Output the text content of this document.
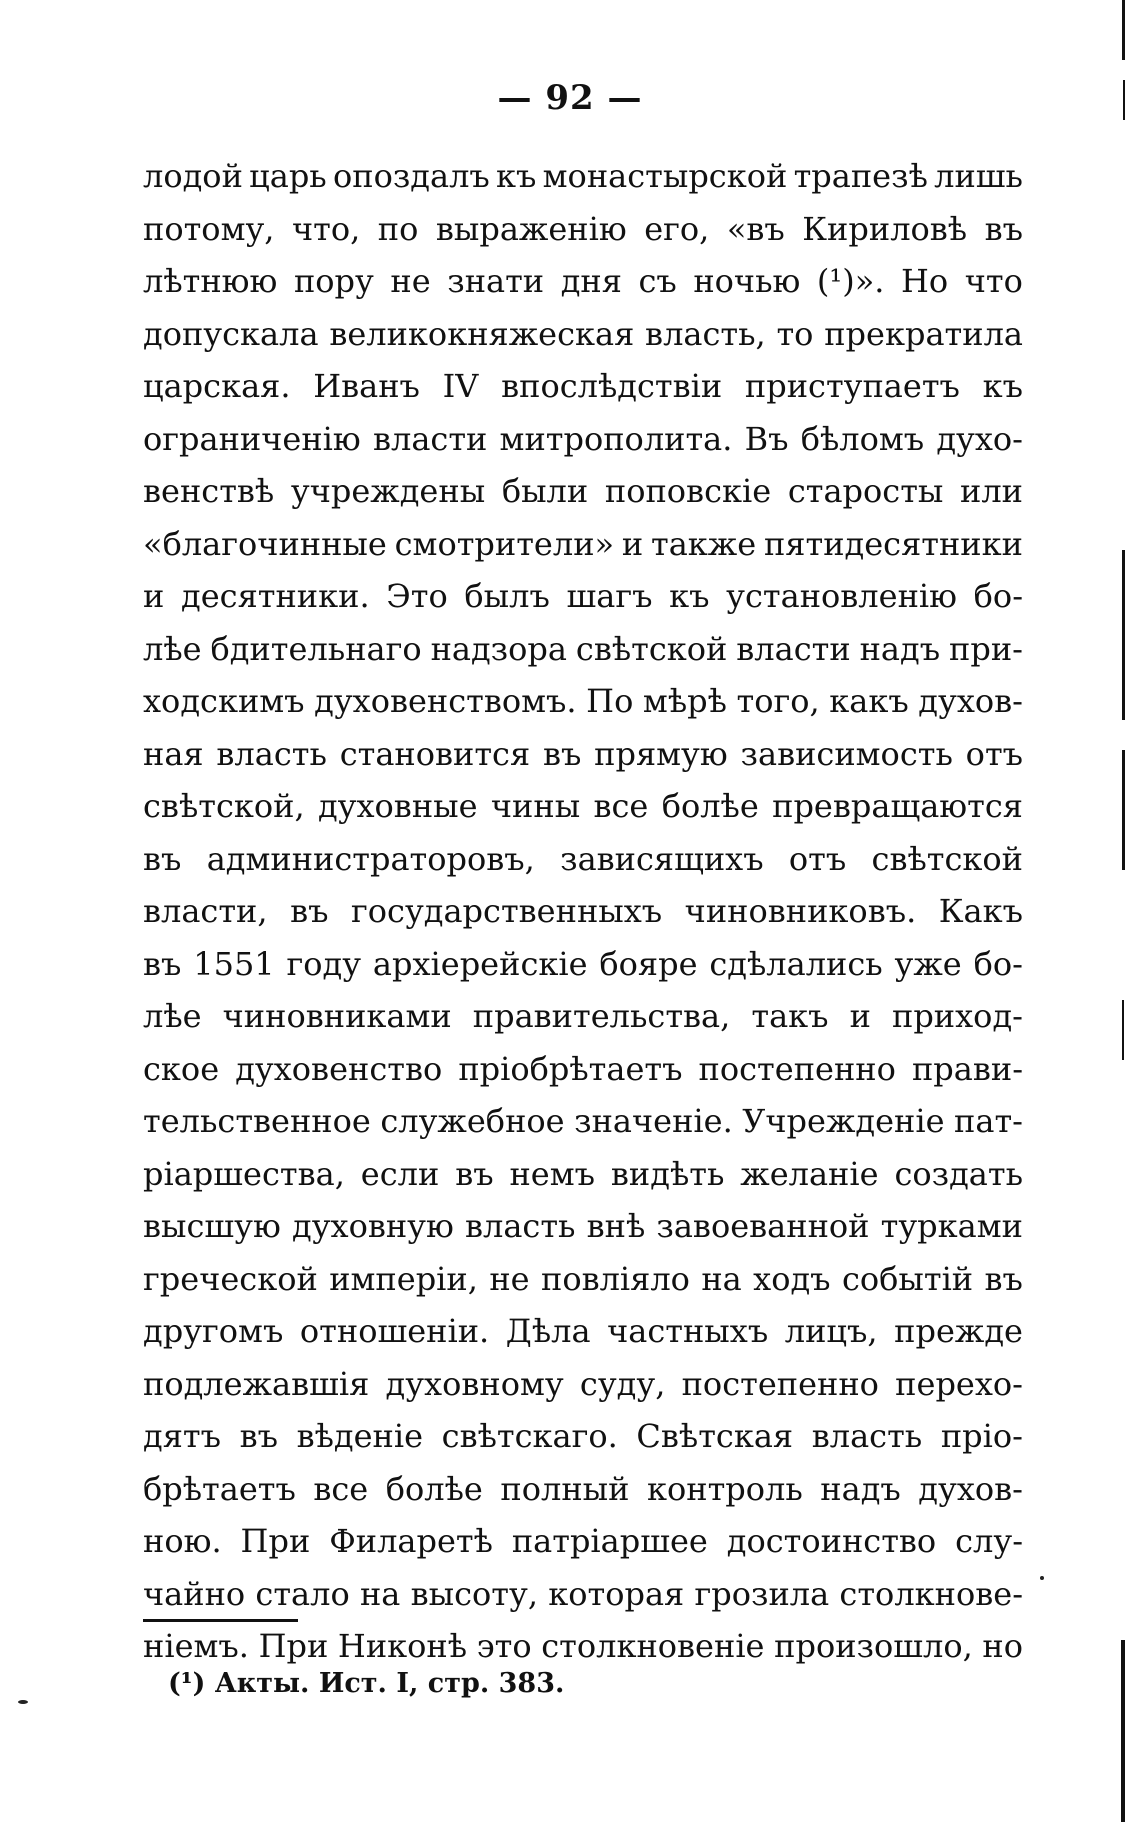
— 92 —
лодой царь опоздалъ къ монастырской трапезѣ лишь
потому, что, по выраженію его, «въ Кириловѣ въ
лѣтнюю пору не знати дня съ ночью (¹)». Но что
допускала великокняжеская власть, то прекратила
царская. Иванъ IV впослѣдствіи приступаетъ къ
ограниченію власти митрополита. Въ бѣломъ духо-
венствѣ учреждены были поповскіе старосты или
«благочинные смотрители» и также пятидесятники
и десятники. Это былъ шагъ къ установленію бо-
лѣе бдительнаго надзора свѣтской власти надъ при-
ходскимъ духовенствомъ. По мѣрѣ того, какъ духов-
ная власть становится въ прямую зависимость отъ
свѣтской, духовные чины все болѣе превращаются
въ администраторовъ, зависящихъ отъ свѣтской
власти, въ государственныхъ чиновниковъ. Какъ
въ 1551 году архіерейскіе бояре сдѣлались уже бо-
лѣе чиновниками правительства, такъ и приход-
ское духовенство пріобрѣтаетъ постепенно прави-
тельственное служебное значеніе. Учрежденіе пат-
ріаршества, если въ немъ видѣть желаніе создать
высшую духовную власть внѣ завоеванной турками
греческой имперіи, не повліяло на ходъ событій въ
другомъ отношеніи. Дѣла частныхъ лицъ, прежде
подлежавшія духовному суду, постепенно перехо-
дятъ въ вѣденіе свѣтскаго. Свѣтская власть пріо-
брѣтаетъ все болѣе полный контроль надъ духов-
ною. При Филаретѣ патріаршее достоинство слу-
чайно стало на высоту, которая грозила столкнове-
ніемъ. При Никонѣ это столкновеніе произошло, но
(¹) Акты. Ист. I, стр. 383.
